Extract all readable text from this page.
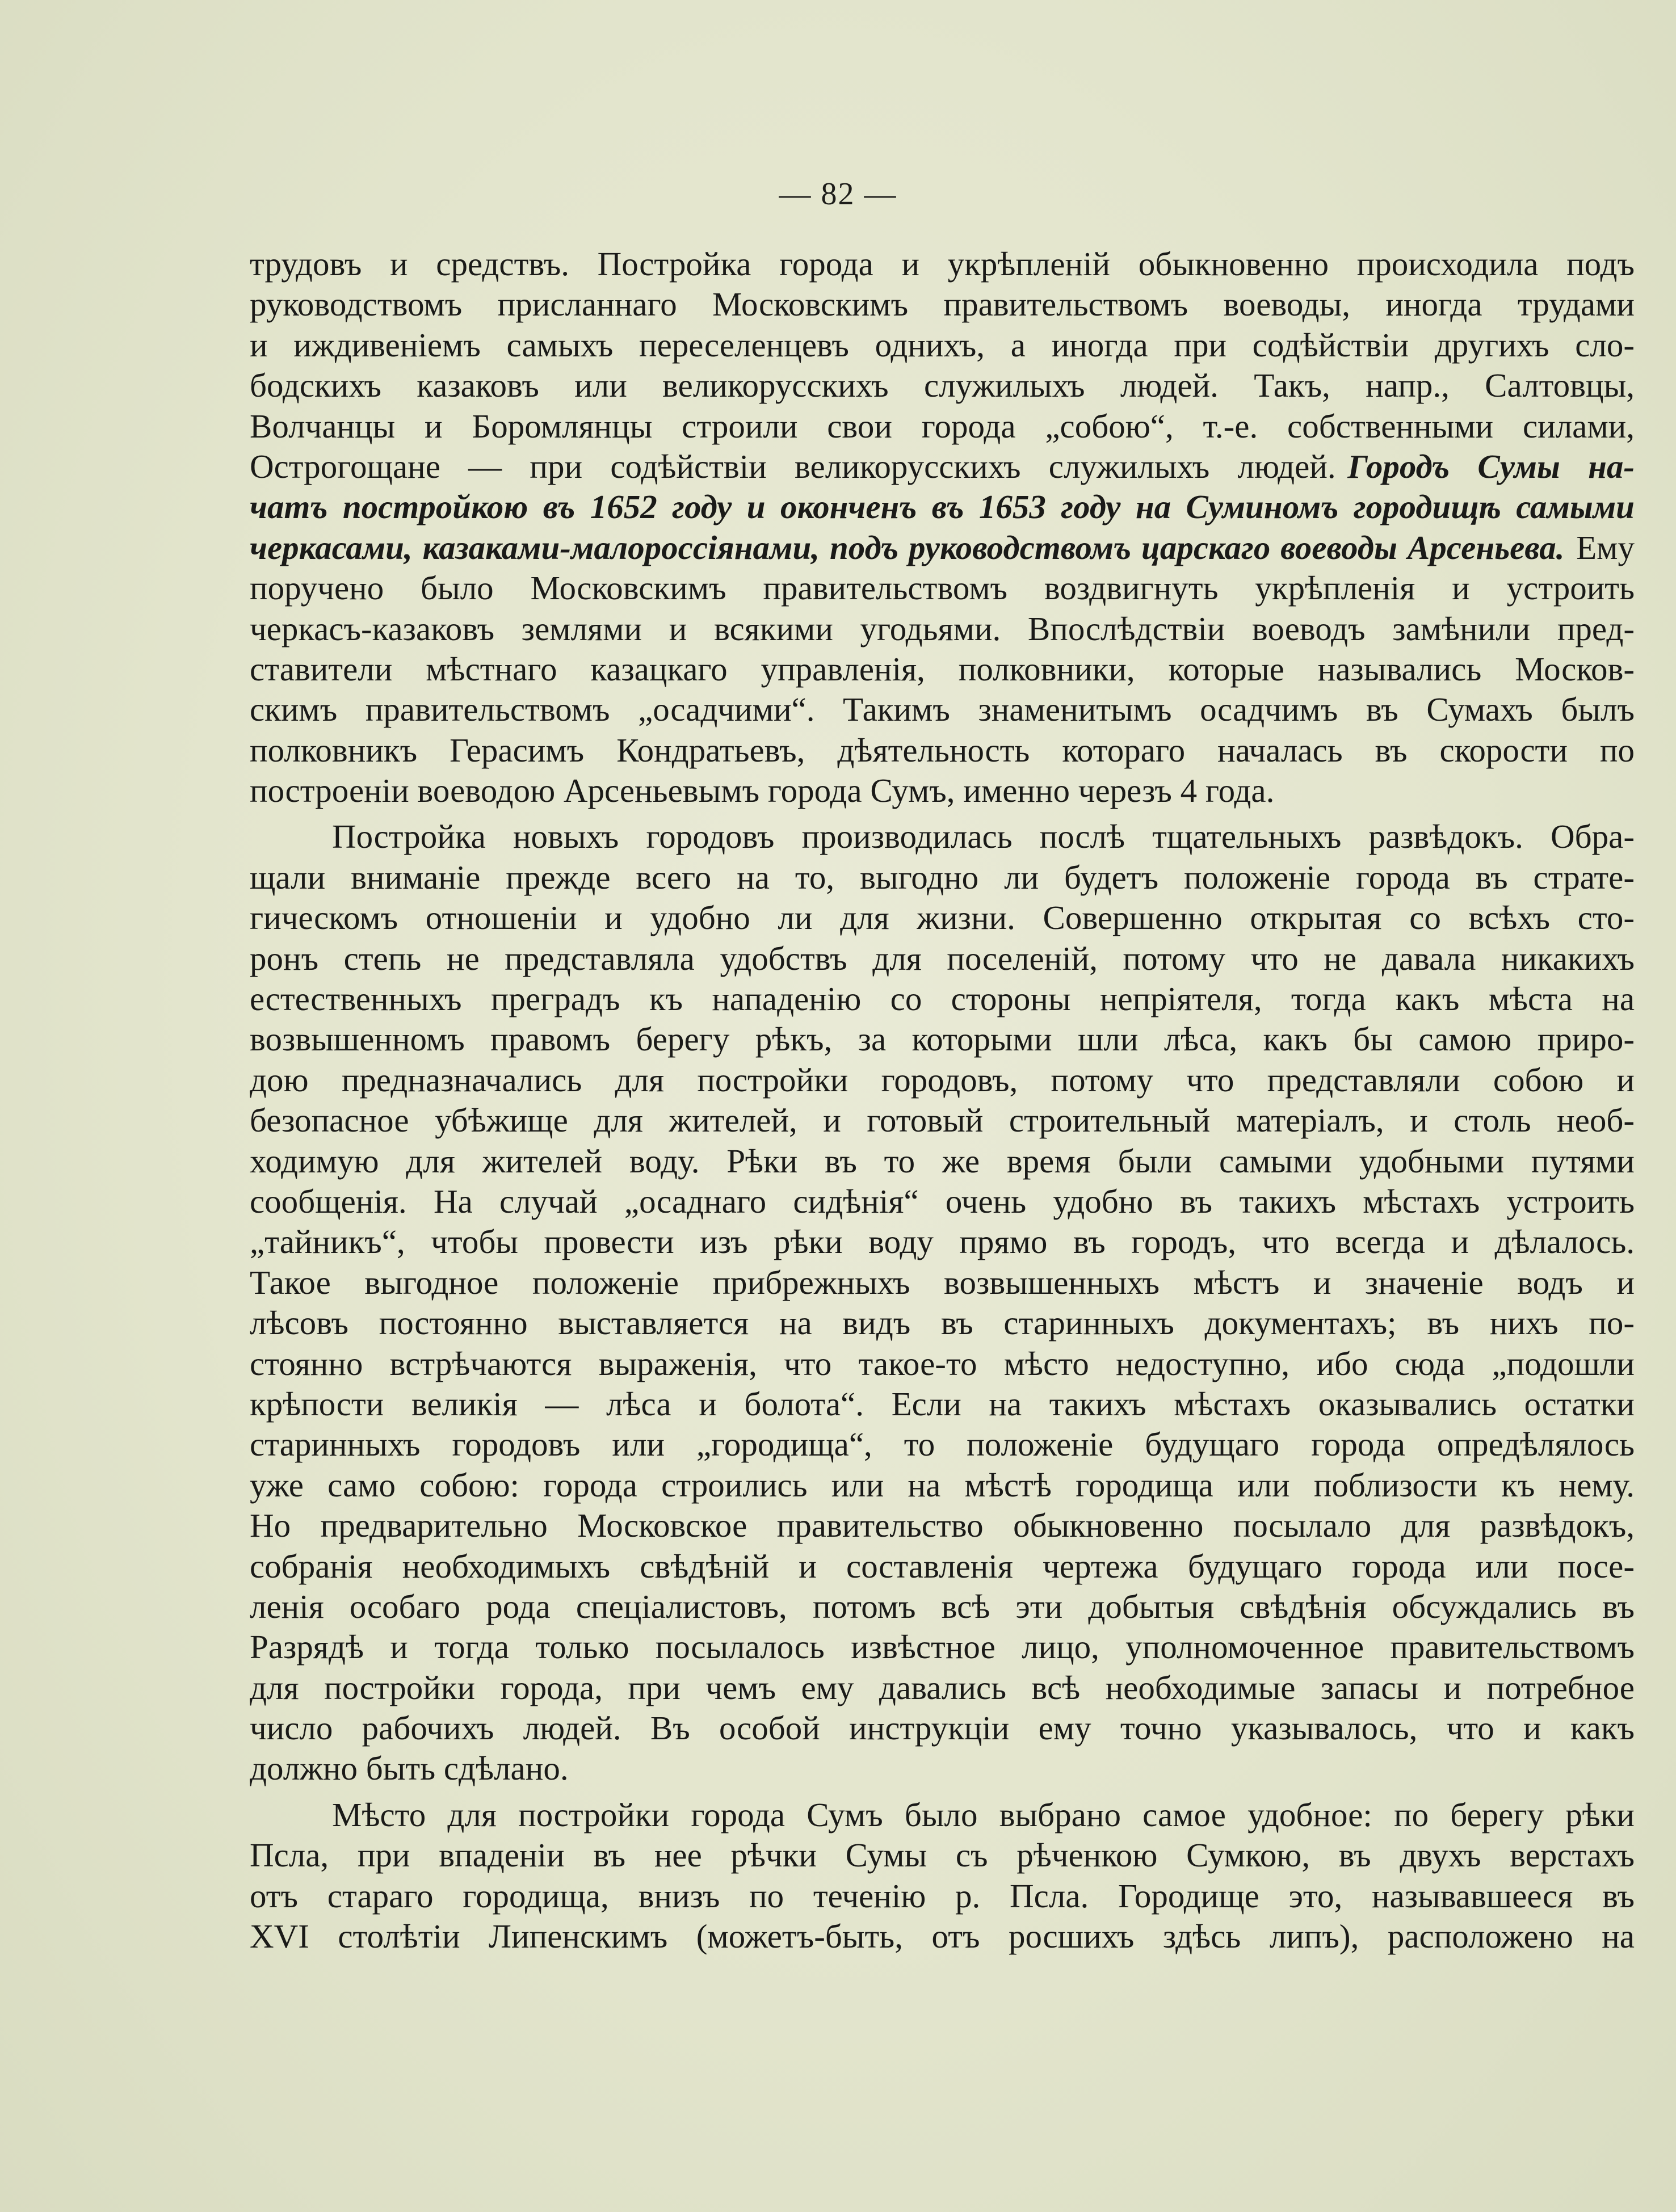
— 82 —
трудовъ и средствъ. Постройка города и укрѣпленій обыкновенно происходила подъ
руководствомъ присланнаго Московскимъ правительствомъ воеводы, иногда трудами
и иждивеніемъ самыхъ переселенцевъ однихъ, а иногда при содѣйствіи другихъ сло-
бодскихъ казаковъ или великорусскихъ служилыхъ людей. Такъ, напр., Салтовцы,
Волчанцы и Боромлянцы строили свои города „собою“, т.-е. собственными силами,
Острогощане — при содѣйствіи великорусскихъ служилыхъ людей. Городъ Сумы на-
чатъ постройкою въ 1652 году и оконченъ въ 1653 году на Суминомъ городищѣ самыми
черкасами, казаками-малороссіянами, подъ руководствомъ царскаго воеводы Арсеньева. Ему
поручено было Московскимъ правительствомъ воздвигнуть укрѣпленія и устроить
черкасъ-казаковъ землями и всякими угодьями. Впослѣдствіи воеводъ замѣнили пред-
ставители мѣстнаго казацкаго управленія, полковники, которые назывались Москов-
скимъ правительствомъ „осадчими“. Такимъ знаменитымъ осадчимъ въ Сумахъ былъ
полковникъ Герасимъ Кондратьевъ, дѣятельность котораго началась въ скорости по
построеніи воеводою Арсеньевымъ города Сумъ, именно черезъ 4 года.
Постройка новыхъ городовъ производилась послѣ тщательныхъ развѣдокъ. Обра-
щали вниманіе прежде всего на то, выгодно ли будетъ положеніе города въ страте-
гическомъ отношеніи и удобно ли для жизни. Совершенно открытая со всѣхъ сто-
ронъ степь не представляла удобствъ для поселеній, потому что не давала никакихъ
естественныхъ преградъ къ нападенію со стороны непріятеля, тогда какъ мѣста на
возвышенномъ правомъ берегу рѣкъ, за которыми шли лѣса, какъ бы самою приро-
дою предназначались для постройки городовъ, потому что представляли собою и
безопасное убѣжище для жителей, и готовый строительный матеріалъ, и столь необ-
ходимую для жителей воду. Рѣки въ то же время были самыми удобными путями
сообщенія. На случай „осаднаго сидѣнія“ очень удобно въ такихъ мѣстахъ устроить
„тайникъ“, чтобы провести изъ рѣки воду прямо въ городъ, что всегда и дѣлалось.
Такое выгодное положеніе прибрежныхъ возвышенныхъ мѣстъ и значеніе водъ и
лѣсовъ постоянно выставляется на видъ въ старинныхъ документахъ; въ нихъ по-
стоянно встрѣчаются выраженія, что такое-то мѣсто недоступно, ибо сюда „подошли
крѣпости великія — лѣса и болота“. Если на такихъ мѣстахъ оказывались остатки
старинныхъ городовъ или „городища“, то положеніе будущаго города опредѣлялось
уже само собою: города строились или на мѣстѣ городища или поблизости къ нему.
Но предварительно Московское правительство обыкновенно посылало для развѣдокъ,
собранія необходимыхъ свѣдѣній и составленія чертежа будущаго города или посе-
ленія особаго рода спеціалистовъ, потомъ всѣ эти добытыя свѣдѣнія обсуждались въ
Разрядѣ и тогда только посылалось извѣстное лицо, уполномоченное правительствомъ
для постройки города, при чемъ ему давались всѣ необходимые запасы и потребное
число рабочихъ людей. Въ особой инструкціи ему точно указывалось, что и какъ
должно быть сдѣлано.
Мѣсто для постройки города Сумъ было выбрано самое удобное: по берегу рѣки
Псла, при впаденіи въ нее рѣчки Сумы съ рѣченкою Сумкою, въ двухъ верстахъ
отъ стараго городища, внизъ по теченію р. Псла. Городище это, называвшееся въ
XVI столѣтіи Липенскимъ (можетъ-быть, отъ росшихъ здѣсь липъ), расположено на
